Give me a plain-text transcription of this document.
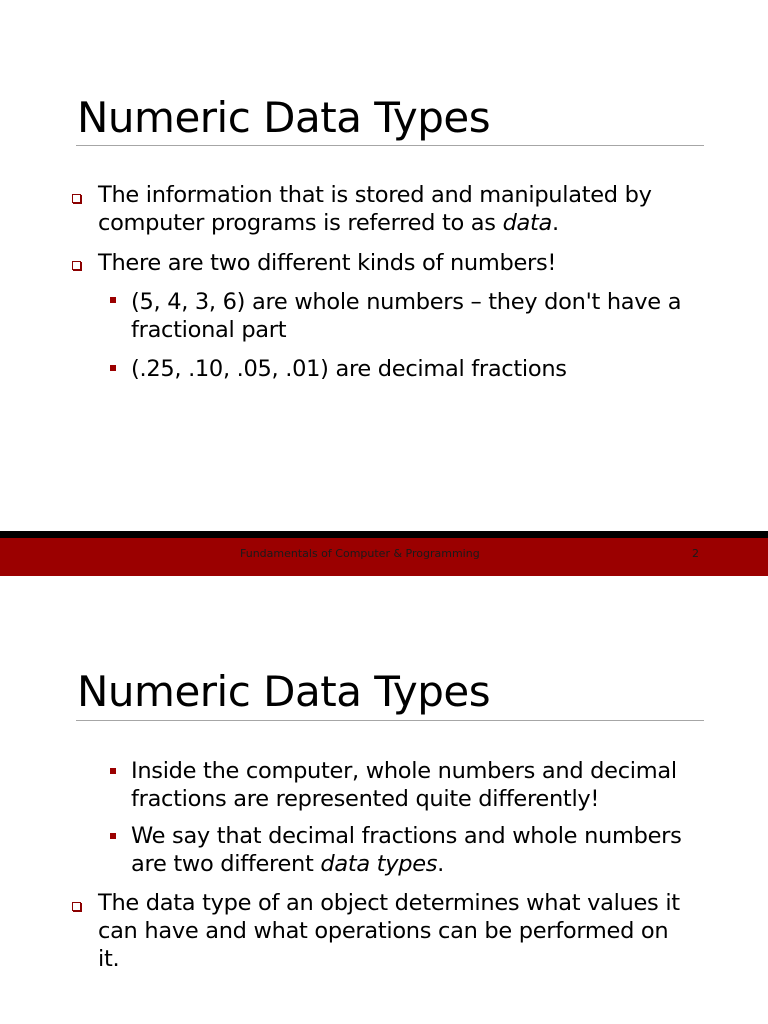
Numeric Data Types
The information that is stored and manipulated by
computer programs is referred to as data.
There are two different kinds of numbers!
(5, 4, 3, 6) are whole numbers – they don't have a
fractional part
(.25, .10, .05, .01) are decimal fractions
Fundamentals of Computer & Programming	2
Numeric Data Types
Inside the computer, whole numbers and decimal
fractions are represented quite differently!
We say that decimal fractions and whole numbers
are two different data types.
The data type of an object determines what values it
can have and what operations can be performed on
it.
